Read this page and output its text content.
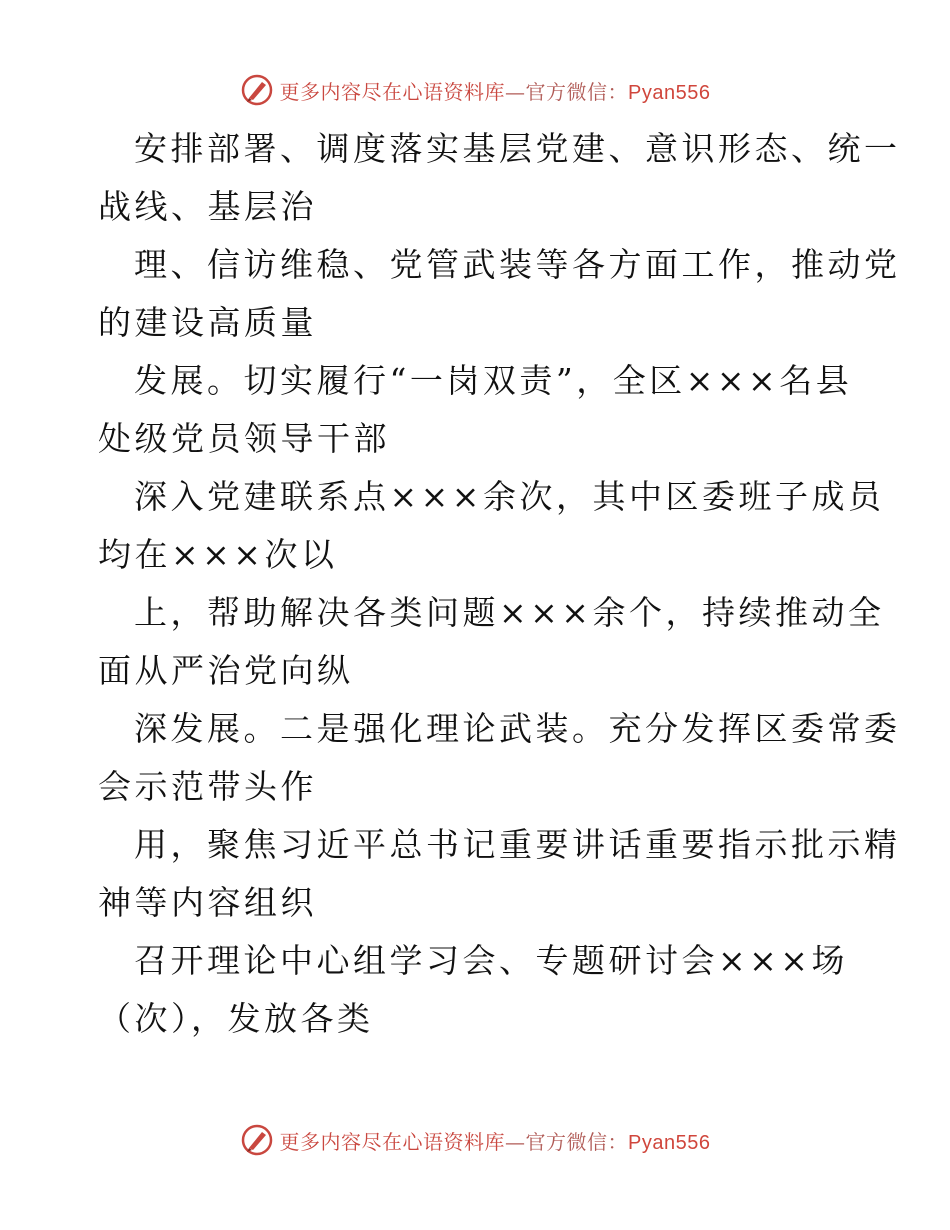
更多内容尽在心语资料库—官方微信：Pyan556

安排部署、调度落实基层党建、意识形态、统一
战线、基层治

理、信访维稳、党管武装等各方面工作，推动党
的建设高质量

发展。切实履行“一岗双责”，全区×××名县
处级党员领导干部

深入党建联系点×××余次，其中区委班子成员
均在×××次以

上，帮助解决各类问题×××余个，持续推动全
面从严治党向纵

深发展。二是强化理论武装。充分发挥区委常委
会示范带头作

用，聚焦习近平总书记重要讲话重要指示批示精
神等内容组织

召开理论中心组学习会、专题研讨会×××场
（次），发放各类

更多内容尽在心语资料库—官方微信：Pyan556
